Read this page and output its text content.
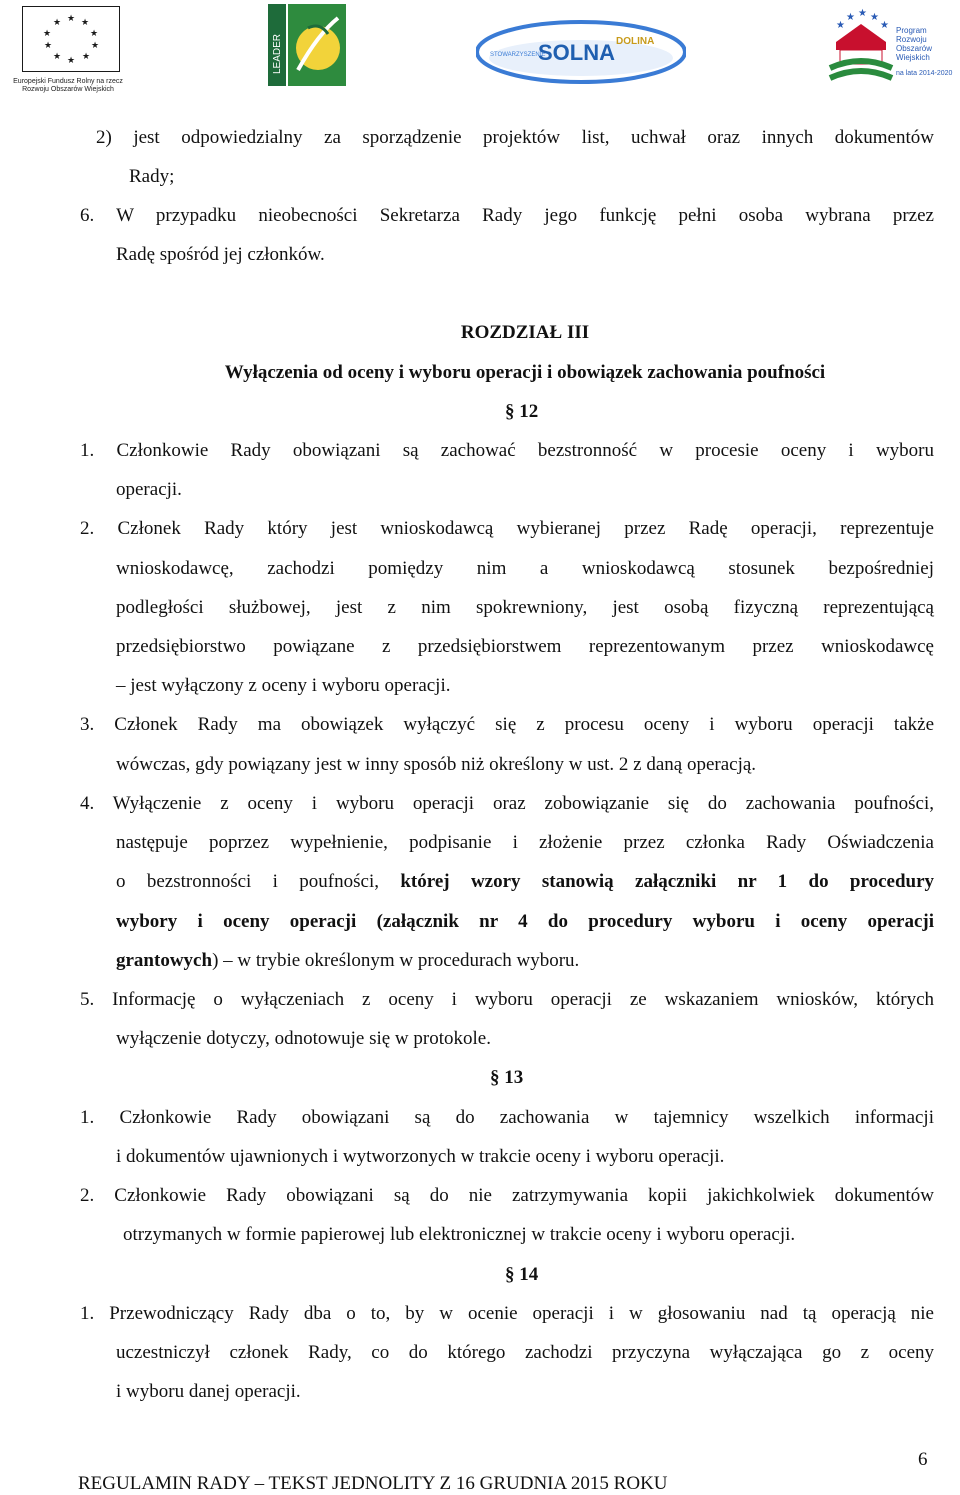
★ ★
★
★
★
★
★
★
★
★
Europejski Fundusz Rolny na rzecz Rozwoju Obszarów Wiejskich
LEADER	STOWARZYSZENIE
SOLNA DOLINA
★ ★ ★
★	★ Program Rozwoju Obszarów Wiejskich
na lata 2014-2020
2) jest odpowiedzialny za sporządzenie projektów list, uchwał oraz innych dokumentów
Rady;
6. W przypadku nieobecności Sekretarza Rady jego funkcję pełni osoba wybrana przez
Radę spośród jej członków.
ROZDZIAŁ III
Wyłączenia od oceny i wyboru operacji i obowiązek zachowania poufności
§ 12
1. Członkowie Rady obowiązani są zachować bezstronność w procesie oceny i wyboru
operacji.
2. Członek Rady który jest wnioskodawcą wybieranej przez Radę operacji, reprezentuje
wnioskodawcę, zachodzi pomiędzy nim a wnioskodawcą stosunek bezpośredniej
podległości służbowej, jest z nim spokrewniony, jest osobą fizyczną reprezentującą
przedsiębiorstwo powiązane z przedsiębiorstwem reprezentowanym przez wnioskodawcę
– jest wyłączony z oceny i wyboru operacji.
3. Członek Rady ma obowiązek wyłączyć się z procesu oceny i wyboru operacji także
wówczas, gdy powiązany jest w inny sposób niż określony w ust. 2 z daną operacją.
4. Wyłączenie z oceny i wyboru operacji oraz zobowiązanie się do zachowania poufności,
następuje poprzez wypełnienie, podpisanie i złożenie przez członka Rady Oświadczenia
o bezstronności i poufności, której wzory stanowią załączniki nr 1 do procedury
wybory i oceny operacji (załącznik nr 4 do procedury wyboru i oceny operacji
grantowych) – w trybie określonym w procedurach wyboru.
5. Informację o wyłączeniach z oceny i wyboru operacji ze wskazaniem wniosków, których
wyłączenie dotyczy, odnotowuje się w protokole.
§ 13
1. Członkowie Rady obowiązani są do zachowania w tajemnicy wszelkich informacji
i dokumentów ujawnionych i wytworzonych w trakcie oceny i wyboru operacji.
2. Członkowie Rady obowiązani są do nie zatrzymywania kopii jakichkolwiek dokumentów
otrzymanych w formie papierowej lub elektronicznej w trakcie oceny i wyboru operacji.
§ 14
1. Przewodniczący Rady dba o to, by w ocenie operacji i w głosowaniu nad tą operacją nie
uczestniczył członek Rady, co do którego zachodzi przyczyna wyłączająca go z oceny
i wyboru danej operacji.
6
REGULAMIN RADY – TEKST JEDNOLITY Z 16 GRUDNIA 2015 ROKU
